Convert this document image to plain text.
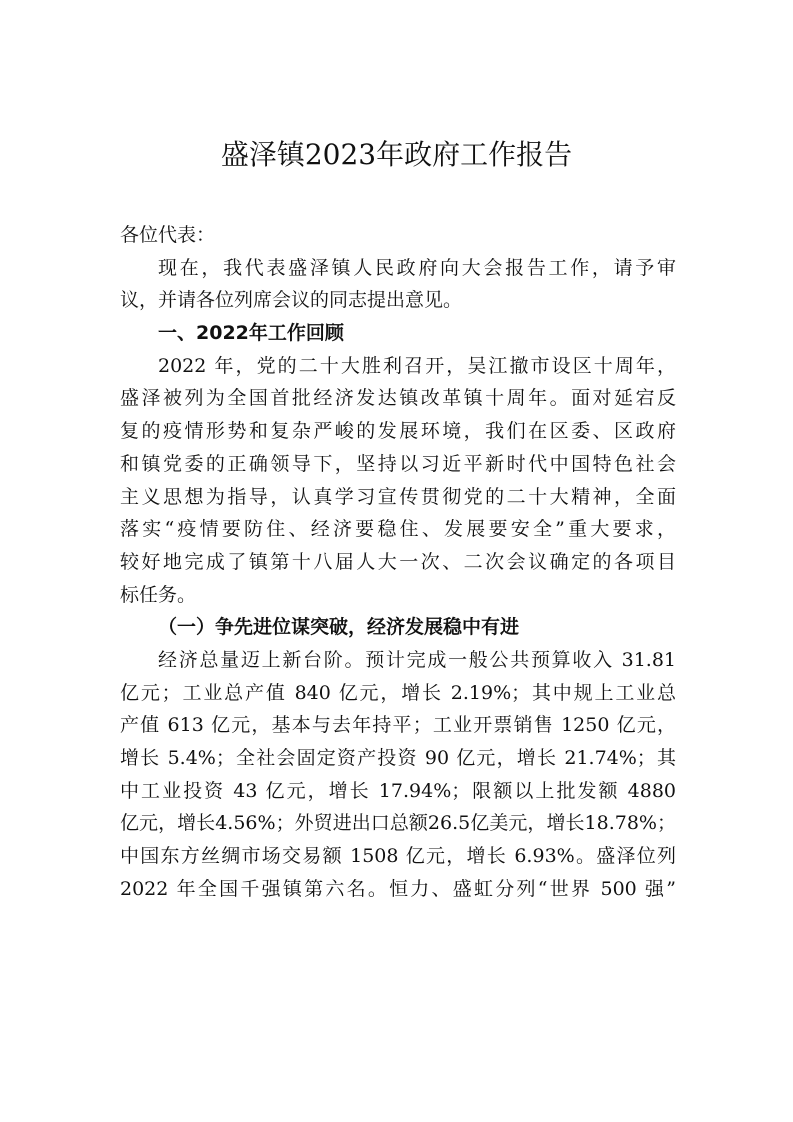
盛泽镇2023年政府工作报告
各位代表：
现在，我代表盛泽镇人民政府向大会报告工作，请予审
议，并请各位列席会议的同志提出意见。
一、2022年工作回顾
2022 年，党的二十大胜利召开，吴江撤市设区十周年，
盛泽被列为全国首批经济发达镇改革镇十周年。面对延宕反
复的疫情形势和复杂严峻的发展环境，我们在区委、区政府
和镇党委的正确领导下，坚持以习近平新时代中国特色社会
主义思想为指导，认真学习宣传贯彻党的二十大精神，全面
落实“疫情要防住、经济要稳住、发展要安全”重大要求，
较好地完成了镇第十八届人大一次、二次会议确定的各项目
标任务。
（一）争先进位谋突破，经济发展稳中有进
经济总量迈上新台阶。预计完成一般公共预算收入 31.81
亿元；工业总产值 840 亿元，增长 2.19%；其中规上工业总
产值 613 亿元，基本与去年持平；工业开票销售 1250 亿元，
增长 5.4%；全社会固定资产投资 90 亿元，增长 21.74%；其
中工业投资 43 亿元，增长 17.94%；限额以上批发额 4880
亿元，增长4.56%；外贸进出口总额26.5亿美元，增长18.78%；
中国东方丝绸市场交易额 1508 亿元，增长 6.93%。盛泽位列
2022 年全国千强镇第六名。恒力、盛虹分列“世界 500 强”
